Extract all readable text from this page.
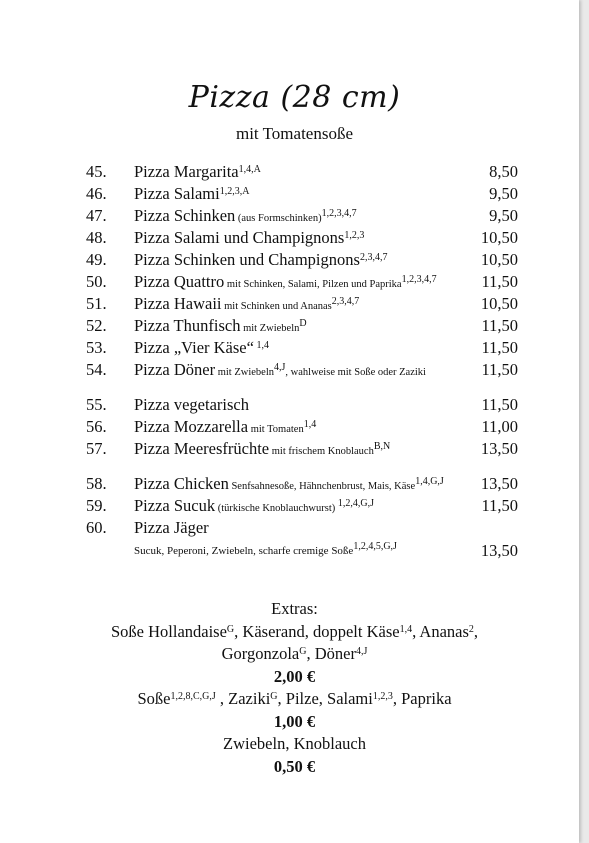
Pizza (28 cm)
mit Tomatensoße
45. Pizza Margarita$^{1,4,A}$	8,50
46. Pizza Salami$^{1,2,3,A}$	9,50
47. Pizza Schinken (aus Formschinken)$^{1,2,3,4,7}$	9,50
48. Pizza Salami und Champignons$^{1,2,3}$	10,50
49. Pizza Schinken und Champignons$^{2,3,4,7}$	10,50
50. Pizza Quattro mit Schinken, Salami, Pilzen und Paprika$^{1,2,3,4,7}$	11,50
51. Pizza Hawaii mit Schinken und Ananas$^{2,3,4,7}$	10,50
52. Pizza Thunfisch mit Zwiebeln$^D$	11,50
53. Pizza „Vier Käse“ $^{1,4}$	11,50
54. Pizza Döner mit Zwiebeln$^{4,J}$, wahlweise mit Soße oder Zaziki	11,50
55. Pizza vegetarisch	11,50
56. Pizza Mozzarella mit Tomaten$^{1,4}$	11,00
57. Pizza Meeresfrüchte mit frischem Knoblauch$^{B,N}$	13,50
58. Pizza Chicken Senfsahnesoße, Hähnchenbrust, Mais, Käse$^{1,4,G,J}$ 13,50
59. Pizza Sucuk (türkische Knoblauchwurst) $^{1,2,4,G,J}$	11,50
60. Pizza Jäger
Sucuk, Peperoni, Zwiebeln, scharfe cremige Soße$^{1,2,4,5,G,J}$	13,50
Extras:
Soße Hollandaise$^G$, Käserand, doppelt Käse$^{1,4}$, Ananas$^2$,
Gorgonzola$^G$, Döner$^{4,J}$
2,00 €
Soße$^{1,2,8,C,G,J}$ , Zaziki$^G$, Pilze, Salami$^{1,2,3}$, Paprika
1,00 €
Zwiebeln, Knoblauch
0,50 €
